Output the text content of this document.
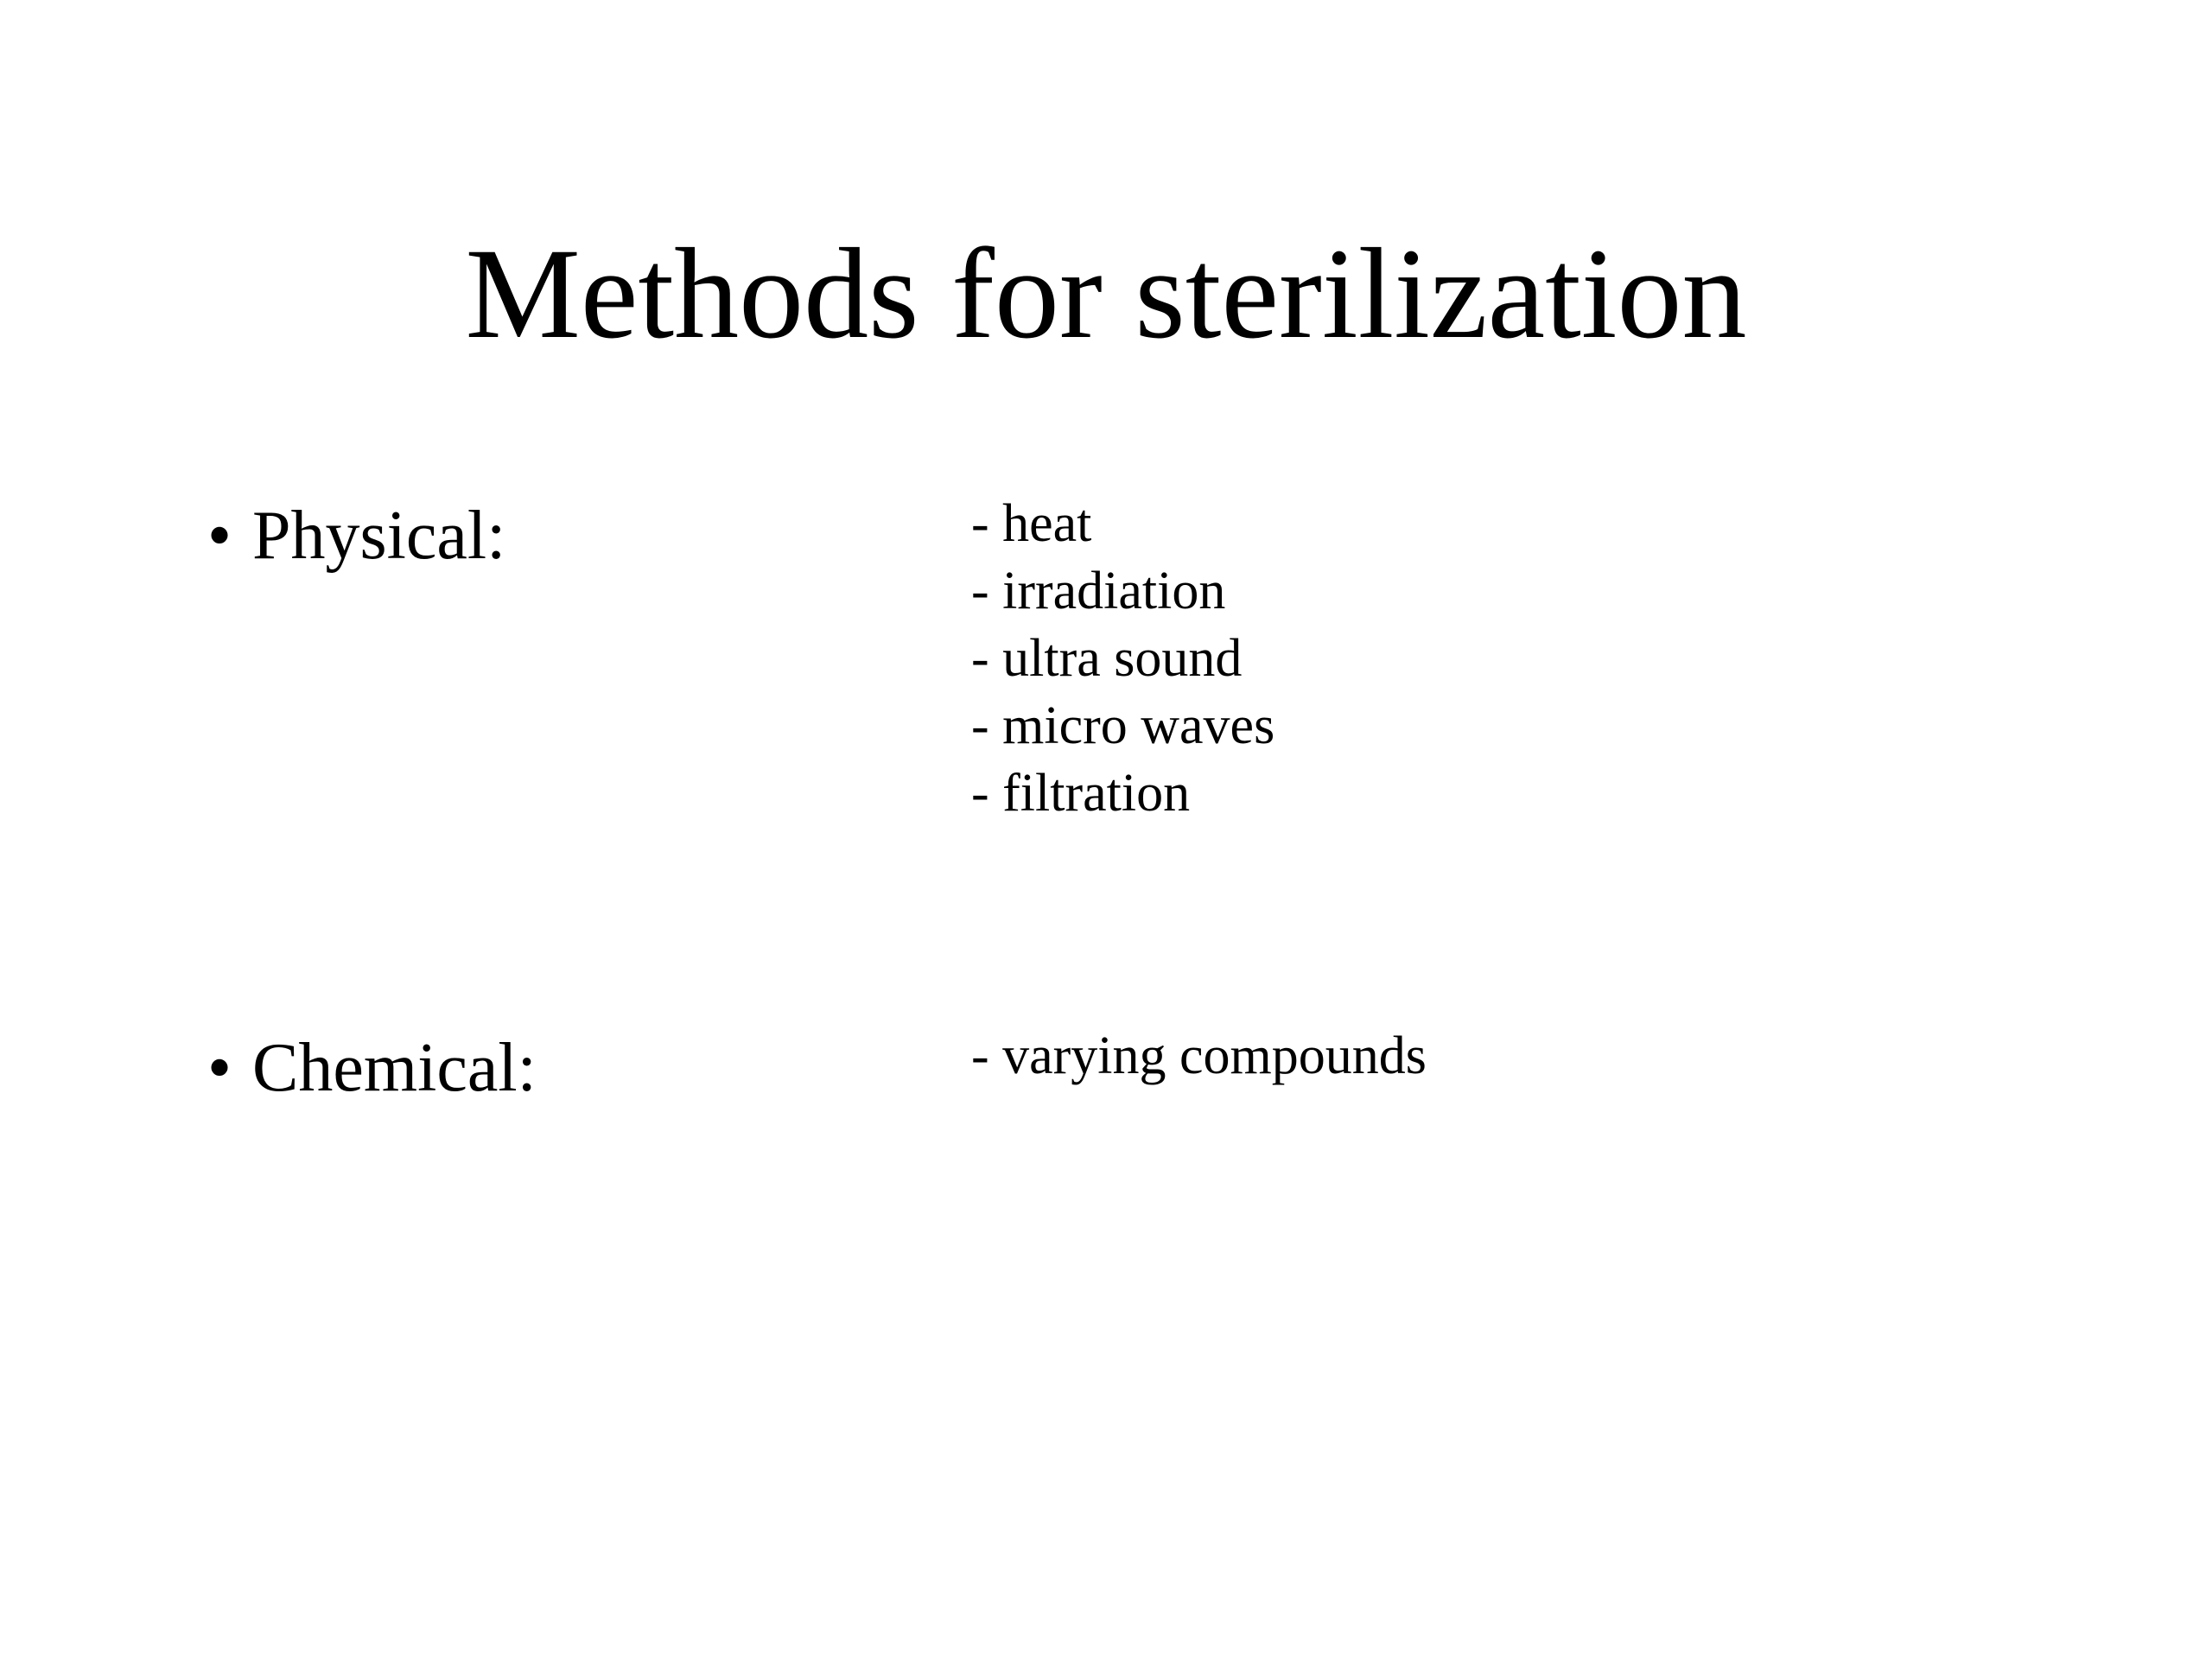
Methods for sterilization
• Physical:	- heat
- irradiation
- ultra sound
- micro waves
- filtration
• Chemical:	- varying compounds
